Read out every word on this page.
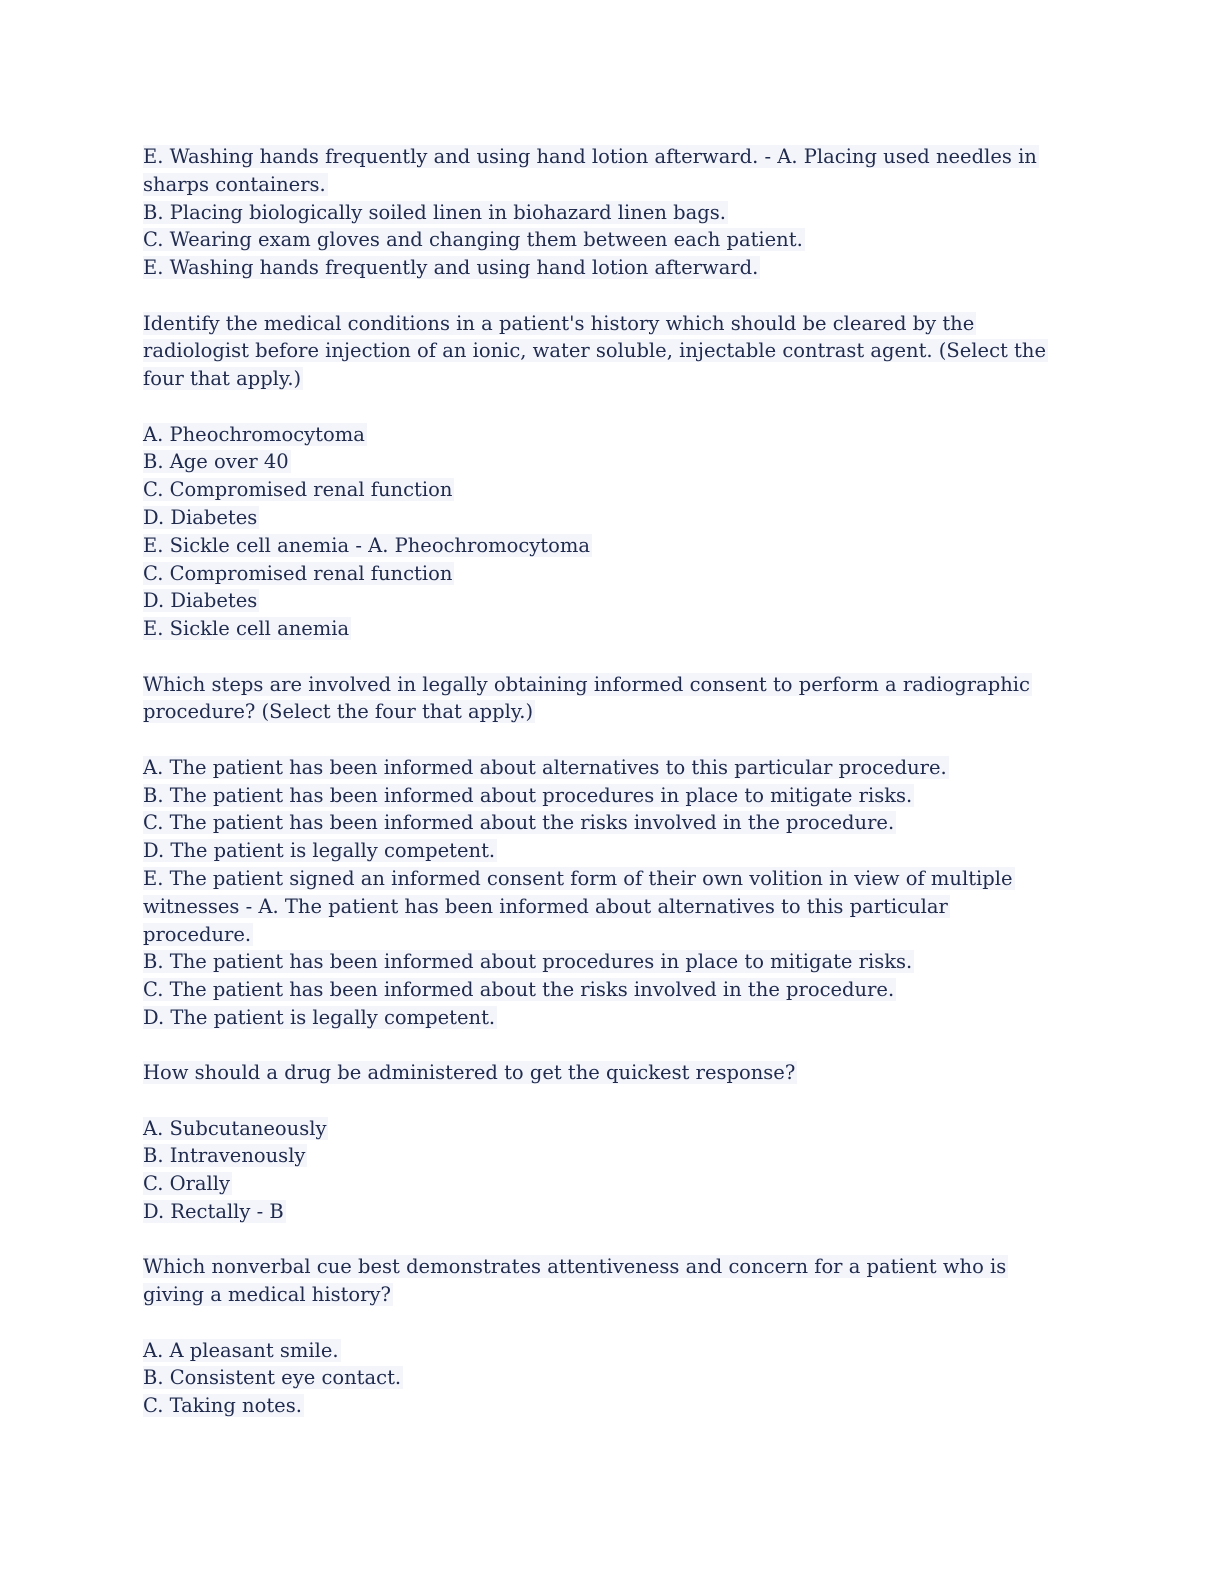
E. Washing hands frequently and using hand lotion afterward. - A. Placing used needles in
sharps containers.
B. Placing biologically soiled linen in biohazard linen bags.
C. Wearing exam gloves and changing them between each patient.
E. Washing hands frequently and using hand lotion afterward.
Identify the medical conditions in a patient's history which should be cleared by the
radiologist before injection of an ionic, water soluble, injectable contrast agent. (Select the
four that apply.)
A. Pheochromocytoma
B. Age over 40
C. Compromised renal function
D. Diabetes
E. Sickle cell anemia - A. Pheochromocytoma
C. Compromised renal function
D. Diabetes
E. Sickle cell anemia
Which steps are involved in legally obtaining informed consent to perform a radiographic
procedure? (Select the four that apply.)
A. The patient has been informed about alternatives to this particular procedure.
B. The patient has been informed about procedures in place to mitigate risks.
C. The patient has been informed about the risks involved in the procedure.
D. The patient is legally competent.
E. The patient signed an informed consent form of their own volition in view of multiple
witnesses - A. The patient has been informed about alternatives to this particular
procedure.
B. The patient has been informed about procedures in place to mitigate risks.
C. The patient has been informed about the risks involved in the procedure.
D. The patient is legally competent.
How should a drug be administered to get the quickest response?
A. Subcutaneously
B. Intravenously
C. Orally
D. Rectally - B
Which nonverbal cue best demonstrates attentiveness and concern for a patient who is
giving a medical history?
A. A pleasant smile.
B. Consistent eye contact.
C. Taking notes.
